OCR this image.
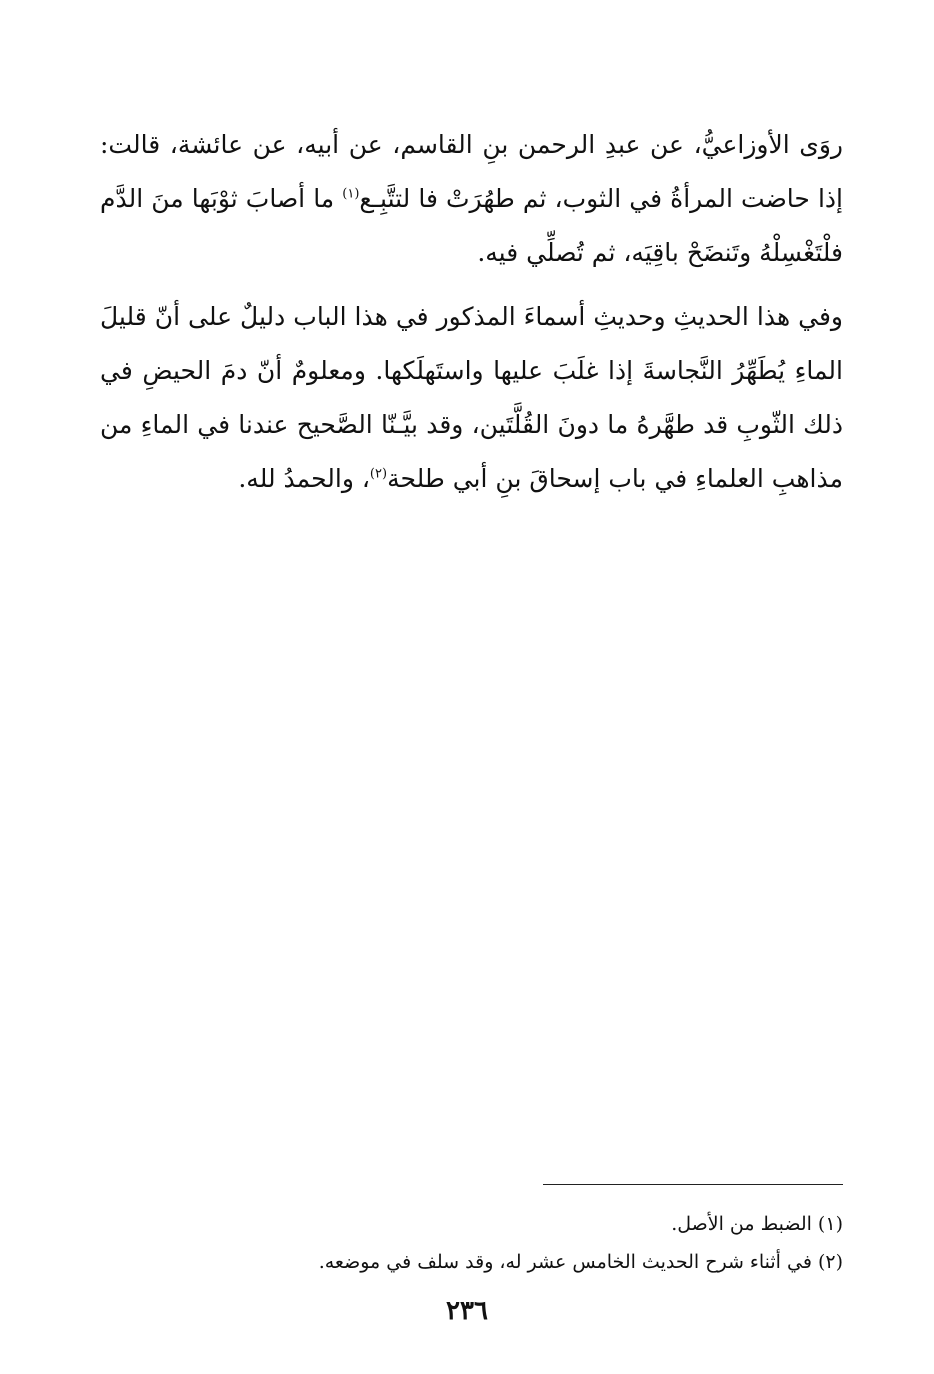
روَى الأوزاعيُّ، عن عبدِ الرحمن بنِ القاسم، عن أبيه، عن عائشة، قالت: إذا حاضت المرأةُ في الثوب، ثم طهُرَتْ فا لتتَّبِـع$^{(١)}$ ما أصابَ ثوْبَها منَ الدَّم فلْتَغْسِلْهُ وتَنضَحْ باقِيَه، ثم تُصلِّي فيه.

وفي هذا الحديثِ وحديثِ أسماءَ المذكور في هذا الباب دليلٌ على أنّ قليلَ الماءِ يُطَهِّرُ النَّجاسةَ إذا غلَبَ عليها واستَهلَكها. ومعلومٌ أنّ دمَ الحيضِ في ذلك الثّوبِ قد طهَّرهُ ما دونَ القُلَّتَين، وقد بيَّـنّا الصَّحيح عندنا في الماءِ من مذاهبِ العلماءِ في باب إسحاقَ بنِ أبي طلحة$^{(٢)}$، والحمدُ لله.

(١) الضبط من الأصل.

(٢) في أثناء شرح الحديث الخامس عشر له، وقد سلف في موضعه.

٢٣٦
